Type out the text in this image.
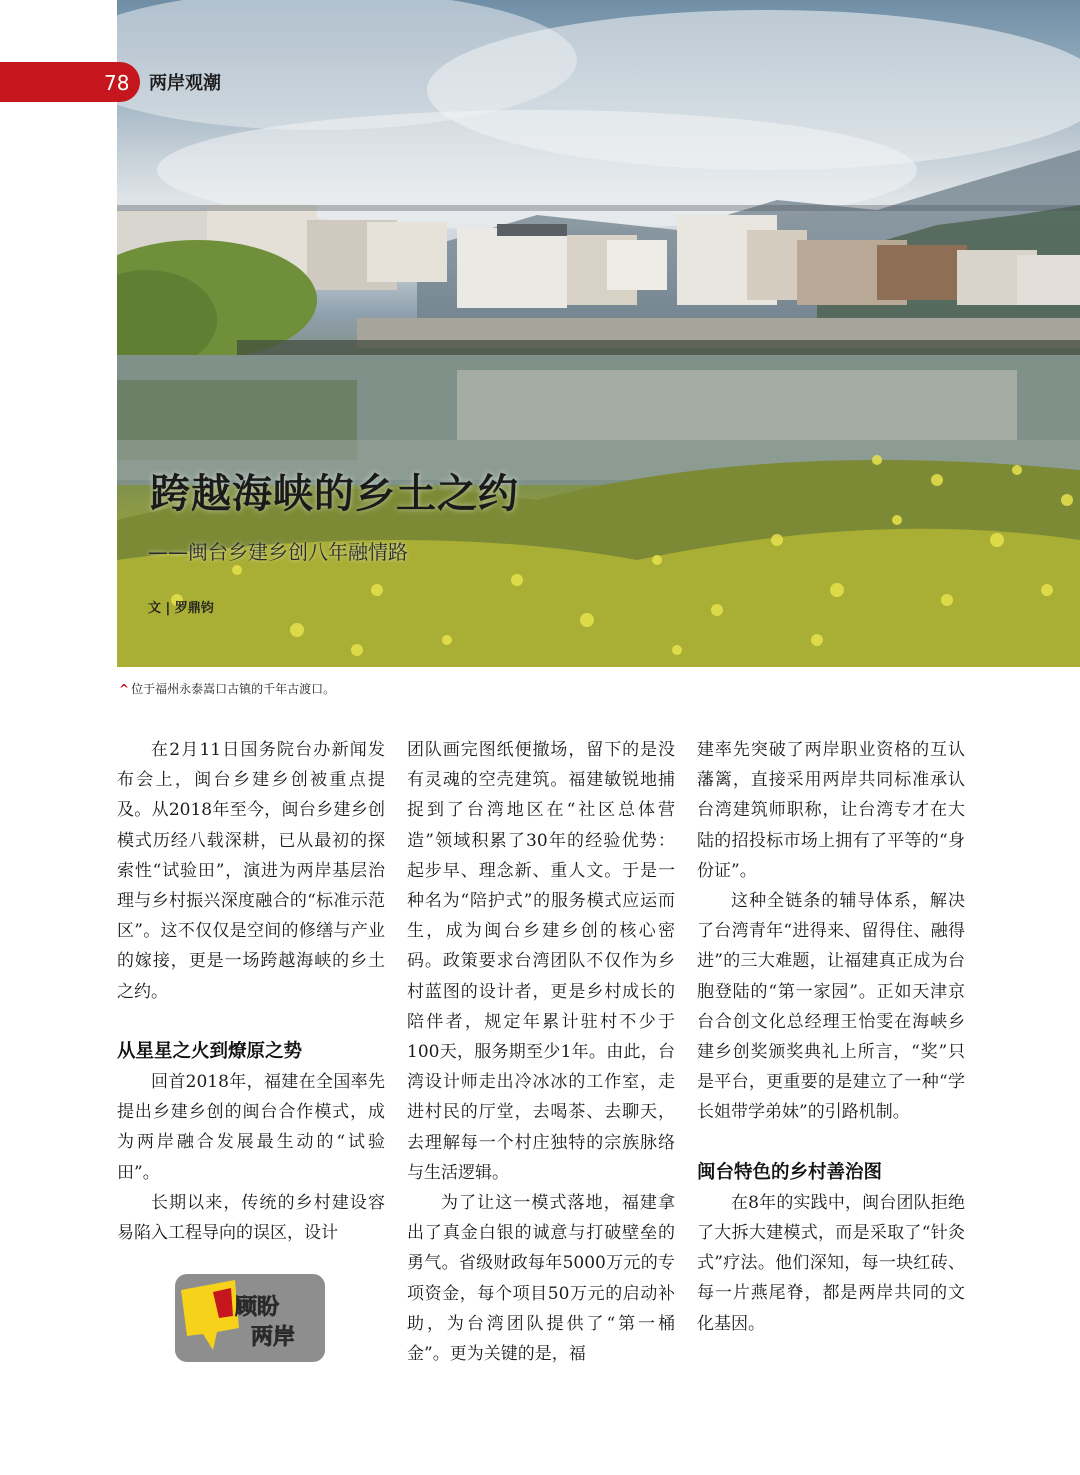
78 两岸观潮
跨越海峡的乡土之约
——闽台乡建乡创八年融情路
文 | 罗鼎钧
^ 位于福州永泰嵩口古镇的千年古渡口。

在2月11日国务院台办新闻发布会上，闽台乡建乡创被重点提及。从2018年至今，闽台乡建乡创模式历经八载深耕，已从最初的探索性“试验田”，演进为两岸基层治理与乡村振兴深度融合的“标准示范区”。这不仅仅是空间的修缮与产业的嫁接，更是一场跨越海峡的乡土之约。

从星星之火到燎原之势

回首2018年，福建在全国率先提出乡建乡创的闽台合作模式，成为两岸融合发展最生动的“试验田”。

长期以来，传统的乡村建设容易陷入工程导向的误区，设计

团队画完图纸便撤场，留下的是没有灵魂的空壳建筑。福建敏锐地捕捉到了台湾地区在“社区总体营造”领域积累了30年的经验优势：起步早、理念新、重人文。于是一种名为“陪护式”的服务模式应运而生，成为闽台乡建乡创的核心密码。政策要求台湾团队不仅作为乡村蓝图的设计者，更是乡村成长的陪伴者，规定年累计驻村不少于100天，服务期至少1年。由此，台湾设计师走出冷冰冰的工作室，走进村民的厅堂，去喝茶、去聊天，去理解每一个村庄独特的宗族脉络与生活逻辑。

为了让这一模式落地，福建拿出了真金白银的诚意与打破壁垒的勇气。省级财政每年5000万元的专项资金，每个项目50万元的启动补助，为台湾团队提供了“第一桶金”。更为关键的是，福

建率先突破了两岸职业资格的互认藩篱，直接采用两岸共同标准承认台湾建筑师职称，让台湾专才在大陆的招投标市场上拥有了平等的“身份证”。

这种全链条的辅导体系，解决了台湾青年“进得来、留得住、融得进”的三大难题，让福建真正成为台胞登陆的“第一家园”。正如天津京台合创文化总经理王怡雯在海峡乡建乡创奖颁奖典礼上所言，“奖”只是平台，更重要的是建立了一种“学长姐带学弟妹”的引路机制。

闽台特色的乡村善治图

在8年的实践中，闽台团队拒绝了大拆大建模式，而是采取了“针灸式”疗法。他们深知，每一块红砖、每一片燕尾脊，都是两岸共同的文化基因。

顾盼
两岸
